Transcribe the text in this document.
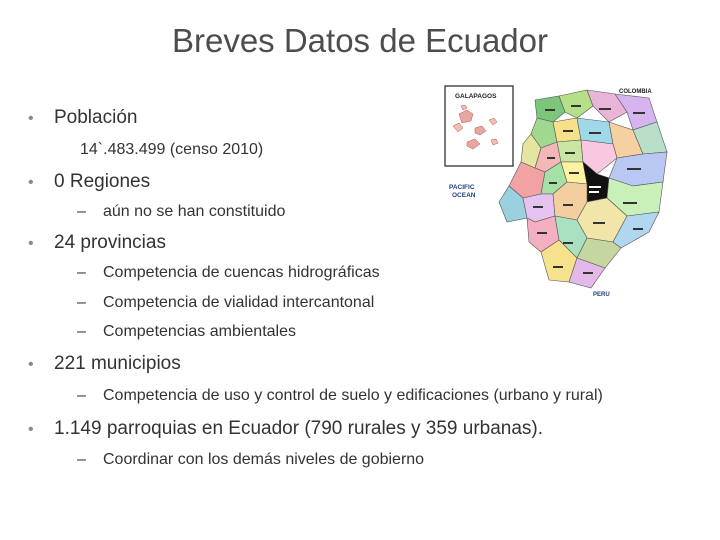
Breves Datos de Ecuador
• Población
14`.483.499 (censo 2010)
• 0 Regiones
– aún no se han constituido
• 24 provincias
– Competencia de cuencas hidrográficas
– Competencia de vialidad intercantonal
– Competencias ambientales
• 221 municipios
– Competencia de uso y control de suelo y edificaciones (urbano y rural)
• 1.149 parroquias en Ecuador (790 rurales y 359 urbanas).
– Coordinar con los demás niveles de gobierno
GALAPAGOS
COLOMBIA
PACIFIC
OCEAN
PERU
